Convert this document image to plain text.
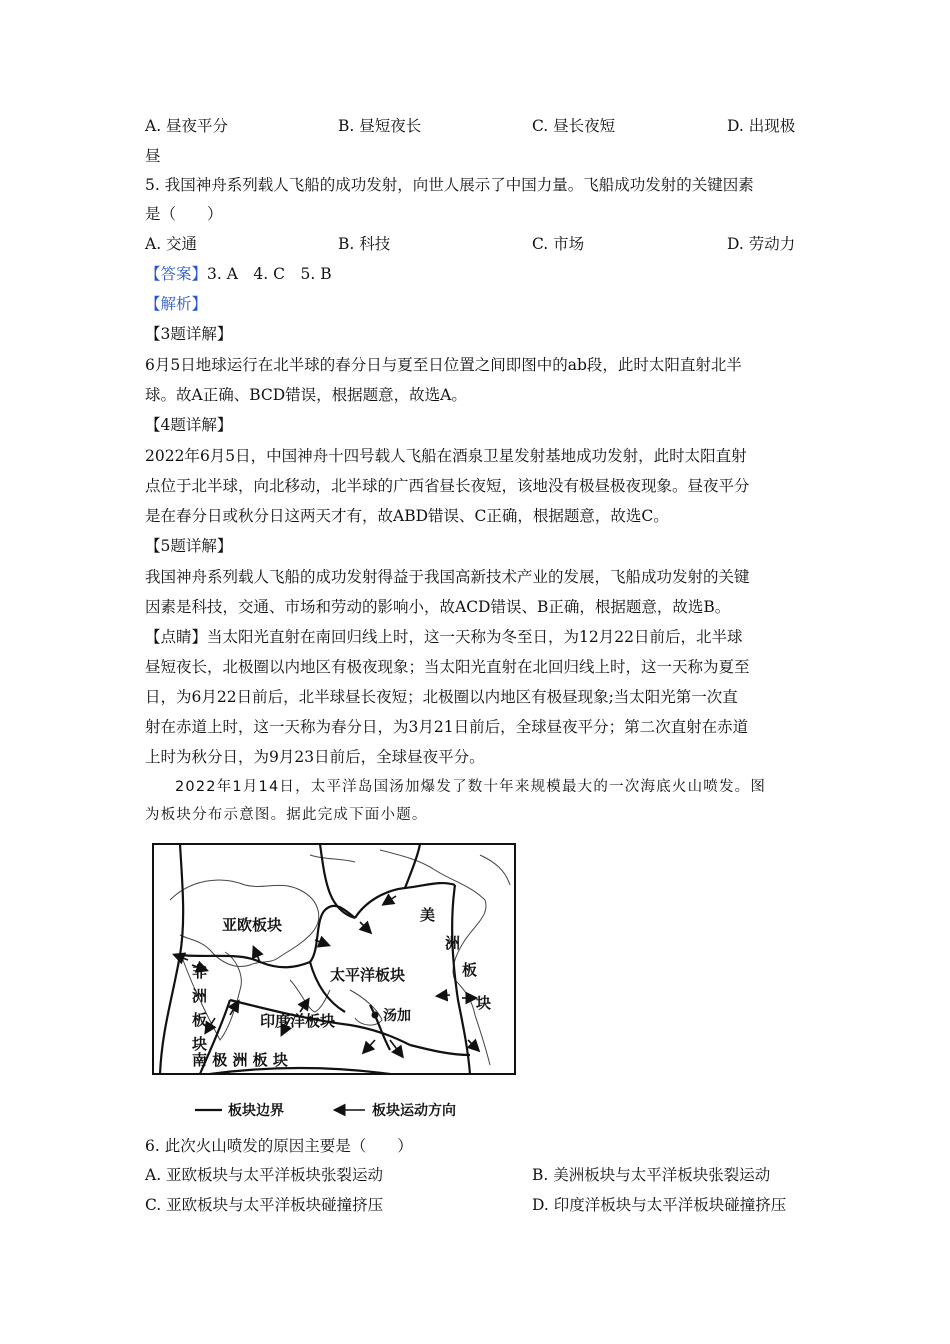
A. 昼夜平分	B. 昼短夜长	C. 昼长夜短	D. 出现极
昼
5. 我国神舟系列载人飞船的成功发射，向世人展示了中国力量。飞船成功发射的关键因素
是（　　）
A. 交通	B. 科技	C. 市场	D. 劳动力
【答案】3. A　4. C　5. B
【解析】
【3题详解】
6月5日地球运行在北半球的春分日与夏至日位置之间即图中的ab段，此时太阳直射北半
球。故A正确、BCD错误，根据题意，故选A。
【4题详解】
2022年6月5日，中国神舟十四号载人飞船在酒泉卫星发射基地成功发射，此时太阳直射
点位于北半球，向北移动，北半球的广西省昼长夜短，该地没有极昼极夜现象。昼夜平分
是在春分日或秋分日这两天才有，故ABD错误、C正确，根据题意，故选C。
【5题详解】
我国神舟系列载人飞船的成功发射得益于我国高新技术产业的发展，飞船成功发射的关键
因素是科技，交通、市场和劳动的影响小，故ACD错误、B正确，根据题意，故选B。
【点睛】当太阳光直射在南回归线上时，这一天称为冬至日，为12月22日前后，北半球
昼短夜长，北极圈以内地区有极夜现象；当太阳光直射在北回归线上时，这一天称为夏至
日，为6月22日前后，北半球昼长夜短；北极圈以内地区有极昼现象;当太阳光第一次直
射在赤道上时，这一天称为春分日，为3月21日前后，全球昼夜平分；第二次直射在赤道
上时为秋分日，为9月23日前后，全球昼夜平分。
2022年1月14日，太平洋岛国汤加爆发了数十年来规模最大的一次海底火山喷发。图
为板块分布示意图。据此完成下面小题。
亚欧板块
太平洋板块
非
洲
板
块
印度洋板块	汤加
美
洲
板
块
南 极 洲 板 块
板块边界	板块运动方向
6. 此次火山喷发的原因主要是（　　）
A. 亚欧板块与太平洋板块张裂运动	B. 美洲板块与太平洋板块张裂运动
C. 亚欧板块与太平洋板块碰撞挤压	D. 印度洋板块与太平洋板块碰撞挤压
